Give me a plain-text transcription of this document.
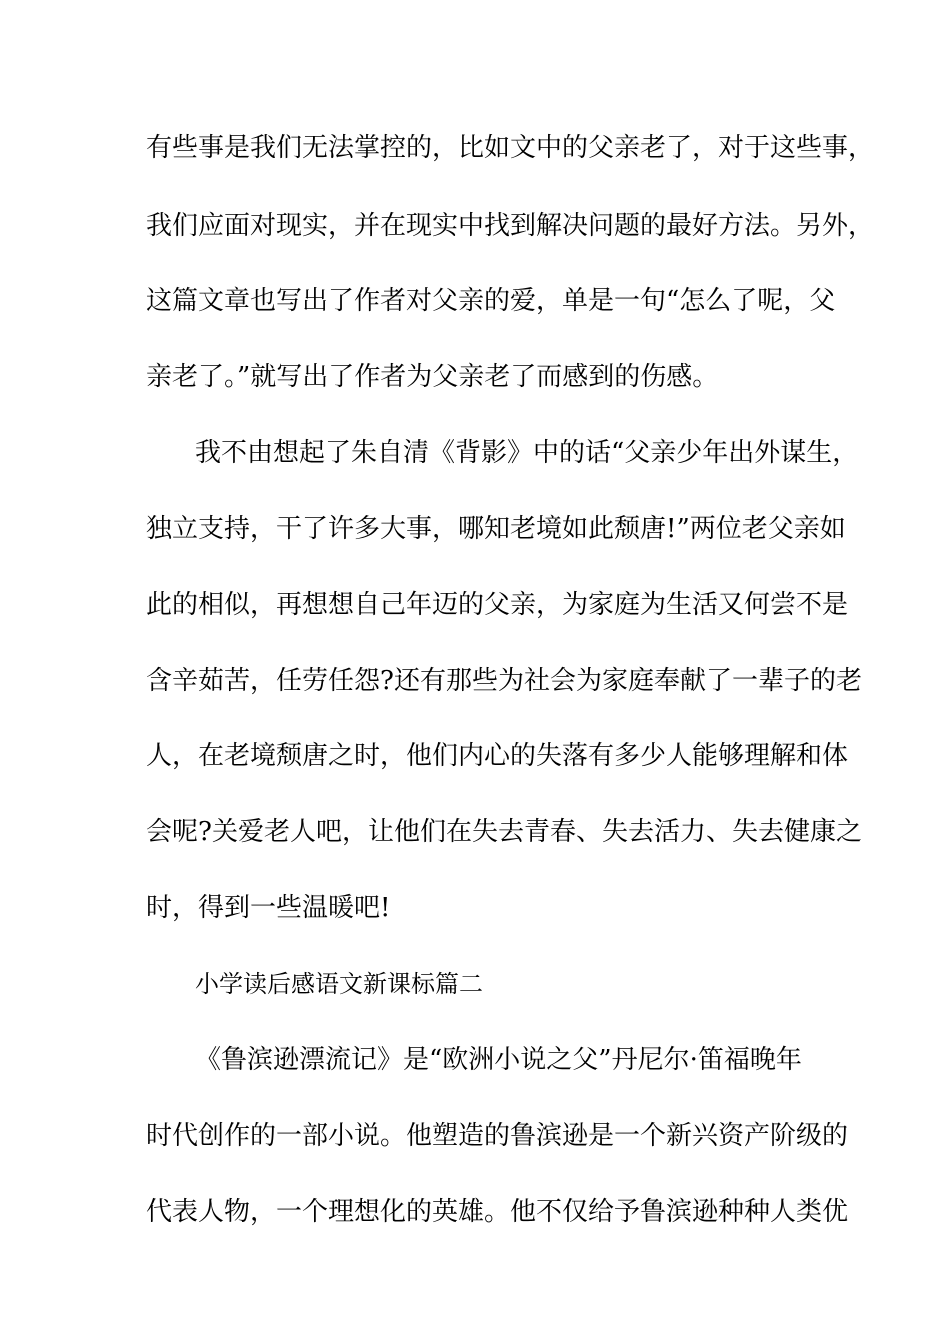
有些事是我们无法掌控的，比如文中的父亲老了，对于这些事，
我们应面对现实，并在现实中找到解决问题的最好方法。另外，
这篇文章也写出了作者对父亲的爱，单是一句“怎么了呢，父
亲老了。”就写出了作者为父亲老了而感到的伤感。
我不由想起了朱自清《背影》中的话“父亲少年出外谋生，
独立支持，干了许多大事，哪知老境如此颓唐!”两位老父亲如
此的相似，再想想自己年迈的父亲，为家庭为生活又何尝不是
含辛茹苦，任劳任怨?还有那些为社会为家庭奉献了一辈子的老
人，在老境颓唐之时，他们内心的失落有多少人能够理解和体
会呢?关爱老人吧，让他们在失去青春、失去活力、失去健康之
时，得到一些温暖吧!
小学读后感语文新课标篇二
《鲁滨逊漂流记》是“欧洲小说之父”丹尼尔·笛福晚年
时代创作的一部小说。他塑造的鲁滨逊是一个新兴资产阶级的
代表人物，一个理想化的英雄。他不仅给予鲁滨逊种种人类优
